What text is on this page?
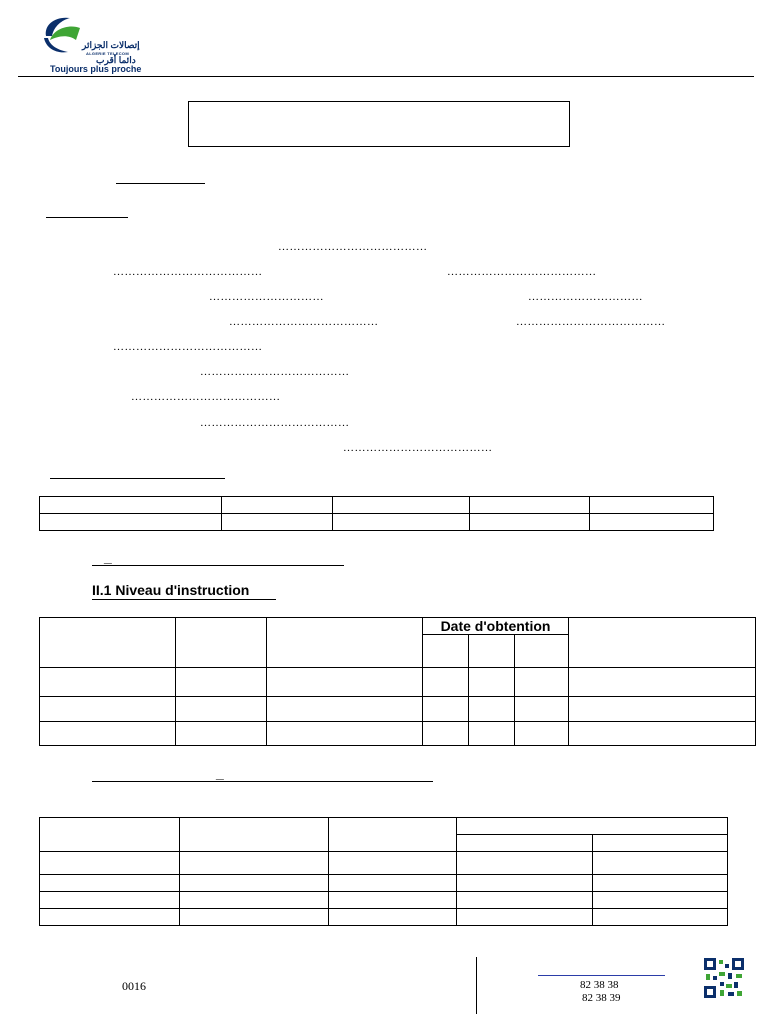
إتصالات الجزائر
ALGERIE TELECOM
دائما أقرب
Toujours plus proche
…………………………………
…………………………………	…………………………………
…………………………	…………………………
…………………………………	…………………………………
…………………………………
…………………………………
…………………………………
…………………………………
…………………………………

_
II.1 Niveau d'instruction
			Date d'obtention			

_

0016	82 38 38
82 38 39
